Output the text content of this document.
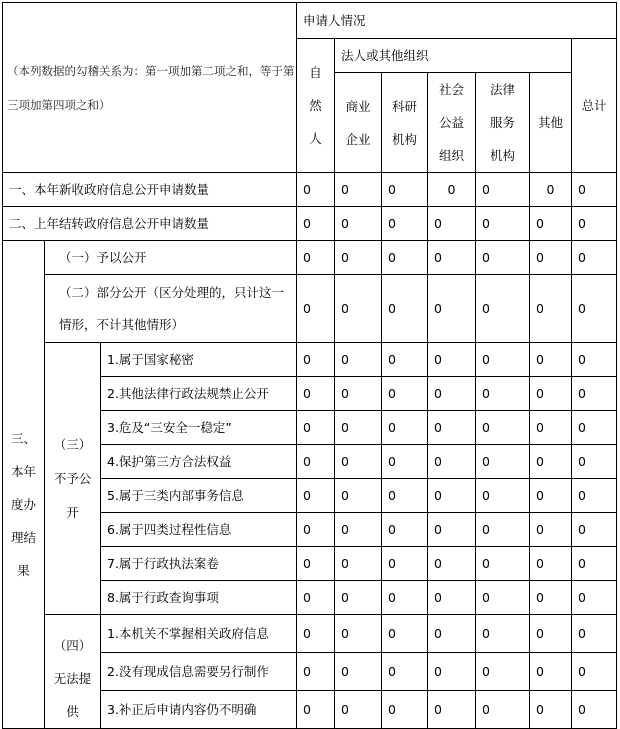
（本列数据的勾稽关系为：第一项加第二项之和，等于第三项加第四项之和）			申请人情况						
			自然人	法人或其他组织					总计
				商业企业	科研机构	社会公益组织	法律服务机构	其他	

一、本年新收政府信息公开申请数量			0	0	0	0	0	0	0
二、上年结转政府信息公开申请数量			0	0	0	0	0	0	0
三、本年度办理结果	（一）予以公开		0	0	0	0	0	0	0
	（二）部分公开（区分处理的，只计这一情形，不计其他情形）		0	0	0	0	0	0	0
	（三）不予公开	1.属于国家秘密	0	0	0	0	0	0	0
		2.其他法律行政法规禁止公开	0	0	0	0	0	0	0
		3.危及“三安全一稳定”	0	0	0	0	0	0	0
		4.保护第三方合法权益	0	0	0	0	0	0	0
		5.属于三类内部事务信息	0	0	0	0	0	0	0
		6.属于四类过程性信息	0	0	0	0	0	0	0
		7.属于行政执法案卷	0	0	0	0	0	0	0
		8.属于行政查询事项	0	0	0	0	0	0	0
	（四）无法提供	1.本机关不掌握相关政府信息	0	0	0	0	0	0	0
		2.没有现成信息需要另行制作	0	0	0	0	0	0	0
		3.补正后申请内容仍不明确	0	0	0	0	0	0	0
